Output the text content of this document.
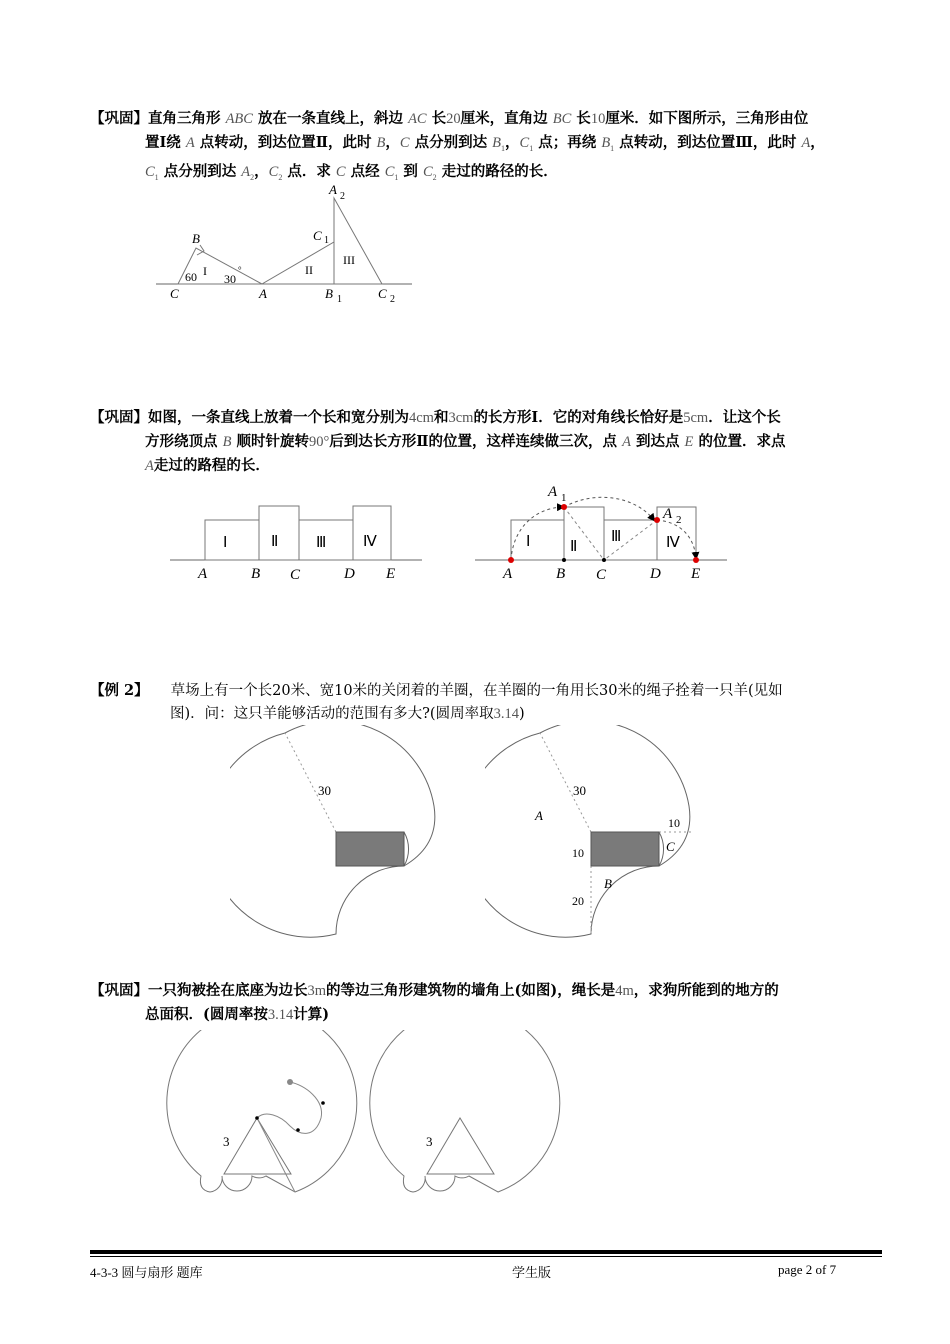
【巩固】直角三角形 ABC 放在一条直线上，斜边 AC 长20厘米，直角边 BC 长10厘米．如下图所示，三角形由位
置Ⅰ绕 A 点转动，到达位置Ⅱ，此时 B，C 点分别到达 $B_1$，$C_1$ 点；再绕 $B_1$ 点转动，到达位置Ⅲ，此时 A，
$C_1$ 点分别到达 $A_2$，$C_2$ 点．求 C 点经 $C_1$ 到 $C_2$ 走过的路径的长．
B
C	A
60 I
30
°
C 1
II
B 1
A 2
III
C 2
【巩固】如图，一条直线上放着一个长和宽分别为4cm和3cm的长方形Ⅰ．它的对角线长恰好是5cm．让这个长
方形绕顶点 B 顺时针旋转90°后到达长方形Ⅱ的位置，这样连续做三次，点 A 到达点 E 的位置．求点
A走过的路程的长．
Ⅰ	Ⅱ	Ⅲ Ⅳ
A	B C	D E
Ⅰ	Ⅱ
Ⅲ	Ⅳ
A 1
A 2
A	B C	D E
【例 2】 草场上有一个长20米、宽10米的关闭着的羊圈，在羊圈的一角用长30米的绳子拴着一只羊(见如
图)．问：这只羊能够活动的范围有多大?(圆周率取3.14)
30	30
A
B
C
10
10
20
【巩固】一只狗被拴在底座为边长3m的等边三角形建筑物的墙角上(如图)，绳长是4m，求狗所能到的地方的
总面积．(圆周率按3.14计算)
3	3
4-3-3 圆与扇形 题库	学生版	page 2 of 7
